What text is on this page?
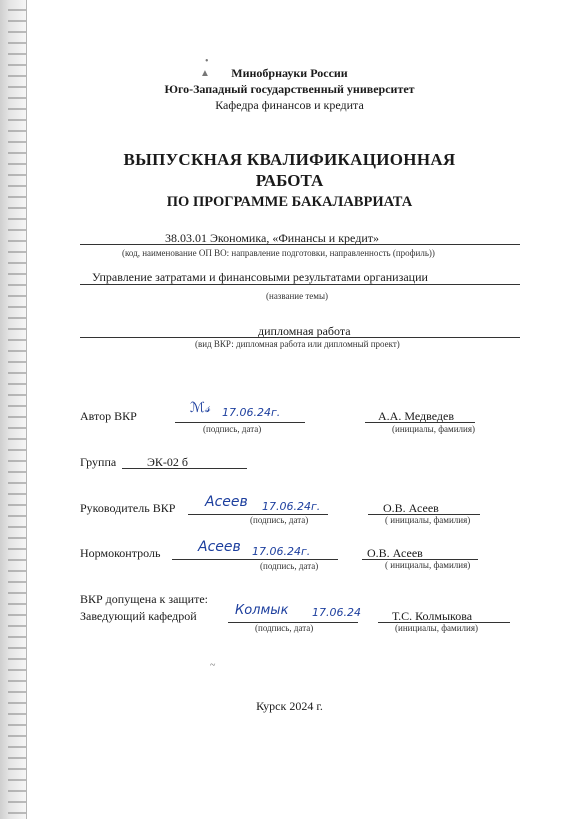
•
▲	Минобрнауки России
Юго-Западный государственный университет
Кафедра финансов и кредита
ВЫПУСКНАЯ КВАЛИФИКАЦИОННАЯ
РАБОТА
ПО ПРОГРАММЕ БАКАЛАВРИАТА
38.03.01 Экономика, «Финансы и кредит»
(код, наименование ОП ВО: направление подготовки, направленность (профиль))
Управление затратами и финансовыми результатами организации
(название темы)
дипломная работа
(вид ВКР: дипломная работа или дипломный проект)
Автор ВКР	ℳ𝓈 17.06.24г.
(подпись, дата)
А.А. Медведев
(инициалы, фамилия)
Группа	ЭК-02 б
Руководитель ВКР Асеев 17.06.24г.
(подпись, дата)
О.В. Асеев
( инициалы, фамилия)
Нормоконтроль	Асеев 17.06.24г.
(подпись, дата)
О.В. Асеев
( инициалы, фамилия)
ВКР допущена к защите:
Заведующий кафедрой	Колмык 17.06.24
(подпись, дата)
Т.С. Колмыкова
(инициалы, фамилия)
~
Курск 2024 г.
